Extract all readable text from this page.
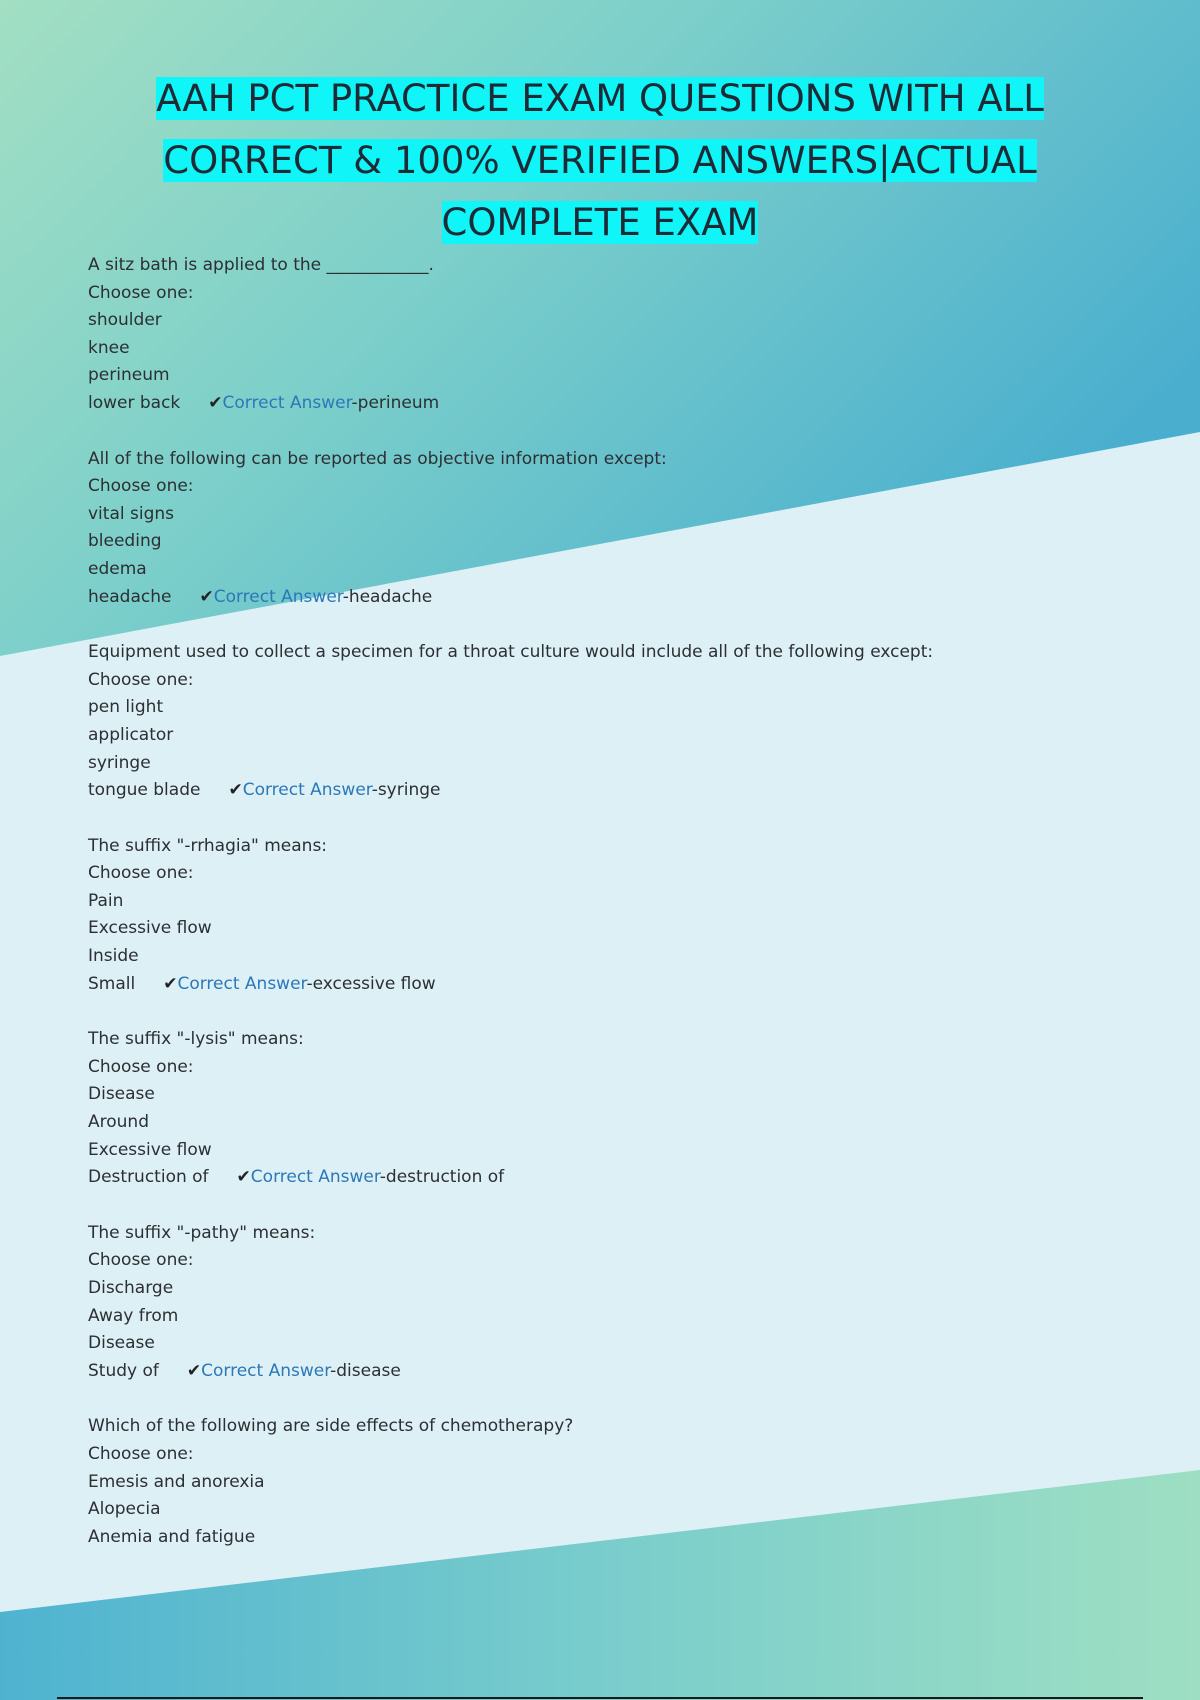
AAH PCT PRACTICE EXAM QUESTIONS WITH ALL
CORRECT & 100% VERIFIED ANSWERS|ACTUAL
COMPLETE EXAM
A sitz bath is applied to the ____________.
Choose one:
shoulder
knee
perineum
lower back ✔Correct Answer-perineum
All of the following can be reported as objective information except:
Choose one:
vital signs
bleeding
edema
headache ✔Correct Answer-headache
Equipment used to collect a specimen for a throat culture would include all of the following except:
Choose one:
pen light
applicator
syringe
tongue blade ✔Correct Answer-syringe
The suffix "-rrhagia" means:
Choose one:
Pain
Excessive flow
Inside
Small ✔Correct Answer-excessive flow
The suffix "-lysis" means:
Choose one:
Disease
Around
Excessive flow
Destruction of ✔Correct Answer-destruction of
The suffix "-pathy" means:
Choose one:
Discharge
Away from
Disease
Study of ✔Correct Answer-disease
Which of the following are side effects of chemotherapy?
Choose one:
Emesis and anorexia
Alopecia
Anemia and fatigue
